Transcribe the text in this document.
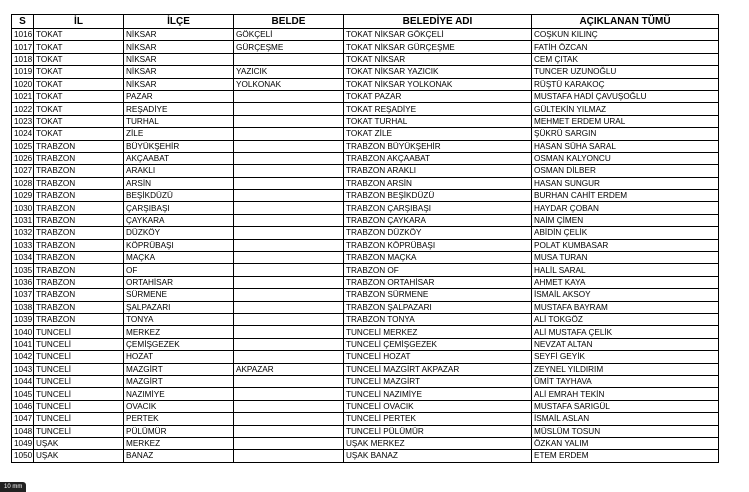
S	İL	İLÇE	BELDE	BELEDİYE ADI	AÇIKLANAN TÜMÜ
1016	TOKAT	NİKSAR	GÖKÇELİ	TOKAT NİKSAR GÖKÇELİ	COŞKUN KILINÇ
1017	TOKAT	NİKSAR	GÜRÇEŞME	TOKAT NİKSAR GÜRÇEŞME	FATİH ÖZCAN
1018	TOKAT	NİKSAR		TOKAT NİKSAR	CEM ÇITAK
1019	TOKAT	NİKSAR	YAZICIK	TOKAT NİKSAR YAZICIK	TUNCER UZUNOĞLU
1020	TOKAT	NİKSAR	YOLKONAK	TOKAT NİKSAR YOLKONAK	RÜŞTÜ KARAKOÇ
1021	TOKAT	PAZAR		TOKAT PAZAR	MUSTAFA HADİ ÇAVUŞOĞLU
1022	TOKAT	REŞADİYE		TOKAT REŞADİYE	GÜLTEKİN YILMAZ
1023	TOKAT	TURHAL		TOKAT TURHAL	MEHMET ERDEM URAL
1024	TOKAT	ZİLE		TOKAT ZİLE	ŞÜKRÜ SARGIN
1025	TRABZON	BÜYÜKŞEHİR		TRABZON BÜYÜKŞEHİR	HASAN SÜHA SARAL
1026	TRABZON	AKÇAABAT		TRABZON AKÇAABAT	OSMAN KALYONCU
1027	TRABZON	ARAKLI		TRABZON ARAKLI	OSMAN DİLBER
1028	TRABZON	ARSİN		TRABZON ARSİN	HASAN SUNGUR
1029	TRABZON	BEŞİKDÜZÜ		TRABZON BEŞİKDÜZÜ	BURHAN CAHİT ERDEM
1030	TRABZON	ÇARŞIBAŞI		TRABZON ÇARŞIBAŞI	HAYDAR ÇOBAN
1031	TRABZON	ÇAYKARA		TRABZON ÇAYKARA	NAİM ÇİMEN
1032	TRABZON	DÜZKÖY		TRABZON DÜZKÖY	ABİDİN ÇELİK
1033	TRABZON	KÖPRÜBAŞI		TRABZON KÖPRÜBAŞI	POLAT KUMBASAR
1034	TRABZON	MAÇKA		TRABZON MAÇKA	MUSA TURAN
1035	TRABZON	OF		TRABZON OF	HALİL SARAL
1036	TRABZON	ORTAHİSAR		TRABZON ORTAHİSAR	AHMET KAYA
1037	TRABZON	SÜRMENE		TRABZON SÜRMENE	İSMAİL AKSOY
1038	TRABZON	ŞALPAZARI		TRABZON ŞALPAZARI	MUSTAFA BAYRAM
1039	TRABZON	TONYA		TRABZON TONYA	ALİ TOKGÖZ
1040	TUNCELİ	MERKEZ		TUNCELİ MERKEZ	ALİ MUSTAFA ÇELİK
1041	TUNCELİ	ÇEMİŞGEZEK		TUNCELİ ÇEMİŞGEZEK	NEVZAT ALTAN
1042	TUNCELİ	HOZAT		TUNCELİ HOZAT	SEYFİ GEYİK
1043	TUNCELİ	MAZGİRT	AKPAZAR	TUNCELİ MAZGİRT AKPAZAR	ZEYNEL YILDIRIM
1044	TUNCELİ	MAZGİRT		TUNCELİ MAZGİRT	ÜMİT TAYHAVA
1045	TUNCELİ	NAZIMİYE		TUNCELİ NAZIMİYE	ALİ EMRAH TEKİN
1046	TUNCELİ	OVACIK		TUNCELİ OVACIK	MUSTAFA SARIGÜL
1047	TUNCELİ	PERTEK		TUNCELİ PERTEK	İSMAİL ASLAN
1048	TUNCELİ	PÜLÜMÜR		TUNCELİ PÜLÜMÜR	MÜSLÜM TOSUN
1049	UŞAK	MERKEZ		UŞAK MERKEZ	ÖZKAN YALIM
1050	UŞAK	BANAZ		UŞAK BANAZ	ETEM ERDEM
10 mm
